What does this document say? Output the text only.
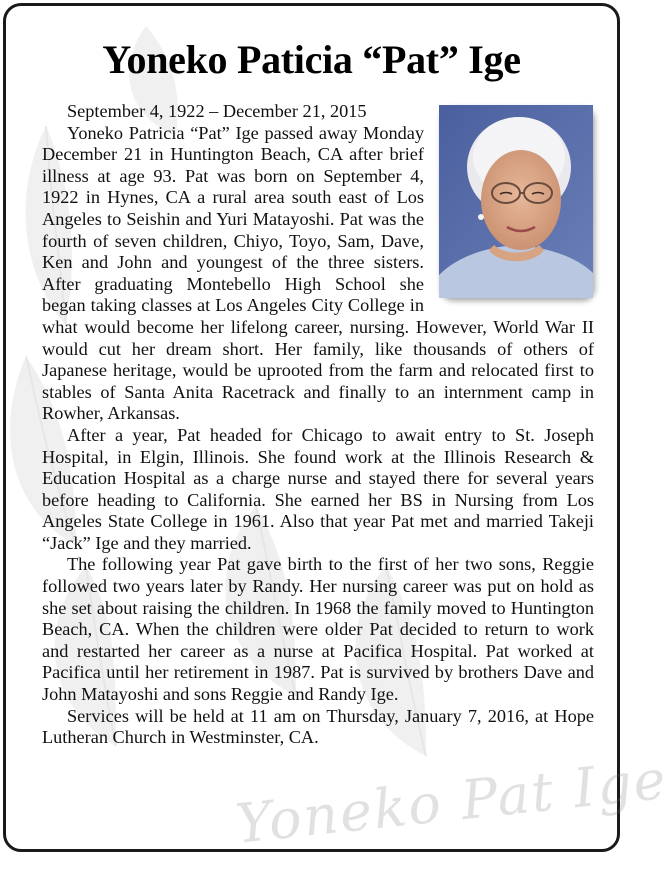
Yoneko Paticia “Pat” Ige

September 4, 1922 – December 21, 2015

Yoneko Patricia “Pat” Ige passed away Monday December 21 in Huntington Beach, CA after brief illness at age 93. Pat was born on September 4, 1922 in Hynes, CA a rural area south east of Los Angeles to Seishin and Yuri Matayoshi. Pat was the fourth of seven children, Chiyo, Toyo, Sam, Dave, Ken and John and youngest of the three sisters. After graduating Montebello High School she began taking classes at Los Angeles City College in what would become her lifelong career, nursing. However, World War II would cut her dream short. Her family, like thousands of others of Japanese heritage, would be uprooted from the farm and relocated first to stables of Santa Anita Racetrack and finally to an internment camp in Rowher, Arkansas.

After a year, Pat headed for Chicago to await entry to St. Joseph Hospital, in Elgin, Illinois. She found work at the Illinois Research & Education Hospital as a charge nurse and stayed there for several years before heading to California. She earned her BS in Nursing from Los Angeles State College in 1961. Also that year Pat met and married Takeji “Jack” Ige and they married.

The following year Pat gave birth to the first of her two sons, Reggie followed two years later by Randy. Her nursing career was put on hold as she set about raising the children. In 1968 the family moved to Huntington Beach, CA. When the children were older Pat decided to return to work and restarted her career as a nurse at Pacifica Hospital. Pat worked at Pacifica until her retirement in 1987. Pat is survived by brothers Dave and John Matayoshi and sons Reggie and Randy Ige.

Services will be held at 11 am on Thursday, January 7, 2016, at Hope Lutheran Church in Westminster, CA.

Yoneko Pat Ige
